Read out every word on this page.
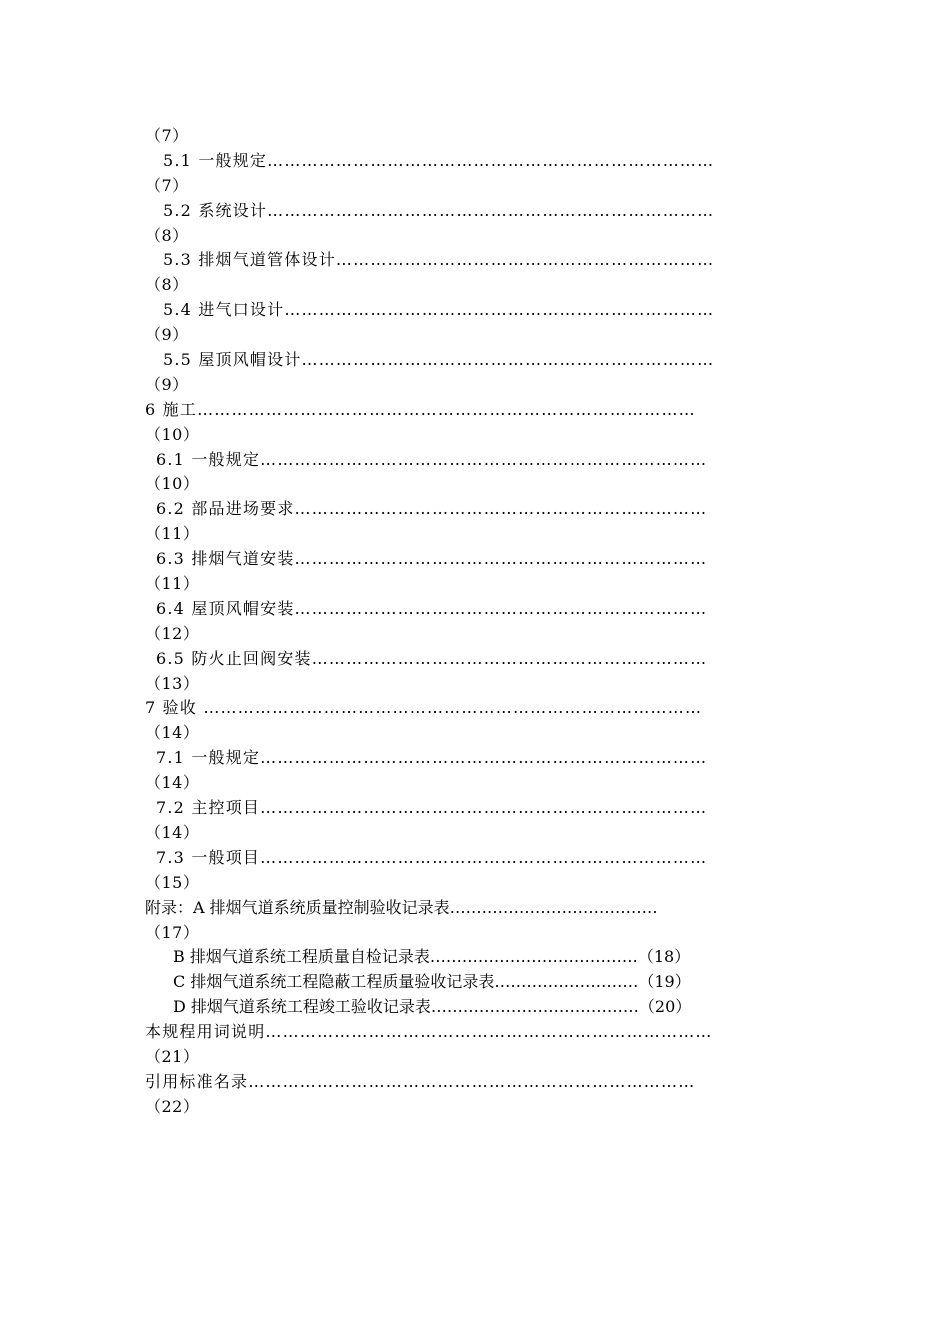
（7）
5.1 一般规定……………………………………………………………………
（7）
5.2 系统设计……………………………………………………………………
（8）
5.3 排烟气道管体设计…………………………………………………………
（8）
5.4 进气口设计…………………………………………………………………
（9）
5.5 屋顶风帽设计………………………………………………………………
（9）
6 施工……………………………………………………………………………
（10）
6.1 一般规定……………………………………………………………………
（10）
6.2 部品进场要求………………………………………………………………
（11）
6.3 排烟气道安装………………………………………………………………
（11）
6.4 屋顶风帽安装………………………………………………………………
（12）
6.5 防火止回阀安装……………………………………………………………
（13）
7 验收 ……………………………………………………………………………
（14）
7.1 一般规定……………………………………………………………………
（14）
7.2 主控项目……………………………………………………………………
（14）
7.3 一般项目……………………………………………………………………
（15）
附录：A 排烟气道系统质量控制验收记录表…………………………………
（17）
B 排烟气道系统工程质量自检记录表…………………………………（18）
C 排烟气道系统工程隐蔽工程质量验收记录表………………………（19）
D 排烟气道系统工程竣工验收记录表…………………………………（20）
本规程用词说明……………………………………………………………………
（21）
引用标准名录……………………………………………………………………
（22）
